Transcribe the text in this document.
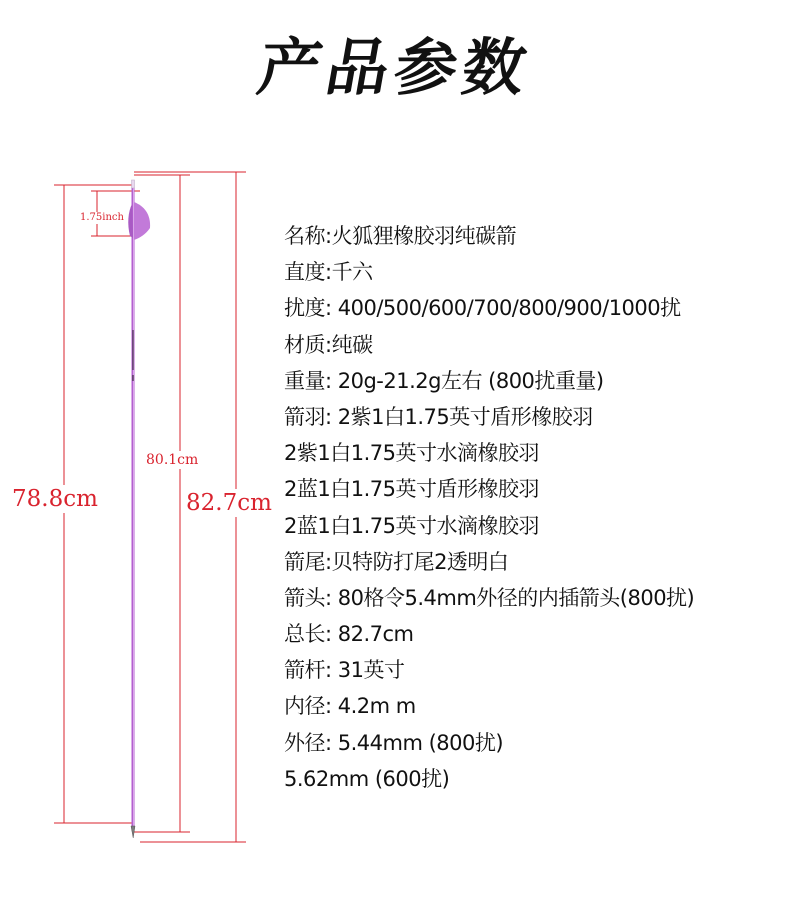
产品参数
1.75inch
80.1cm
78.8cm	82.7cm
名称:火狐狸橡胶羽纯碳箭
直度:千六
扰度: 400/500/600/700/800/900/1000扰
材质:纯碳
重量: 20g-21.2g左右 (800扰重量)
箭羽: 2紫1白1.75英寸盾形橡胶羽
2紫1白1.75英寸水滴橡胶羽
2蓝1白1.75英寸盾形橡胶羽
2蓝1白1.75英寸水滴橡胶羽
箭尾:贝特防打尾2透明白
箭头: 80格令5.4mm外径的内插箭头(800扰)
总长: 82.7cm
箭杆: 31英寸
内径: 4.2m m
外径: 5.44mm (800扰)
5.62mm (600扰)
